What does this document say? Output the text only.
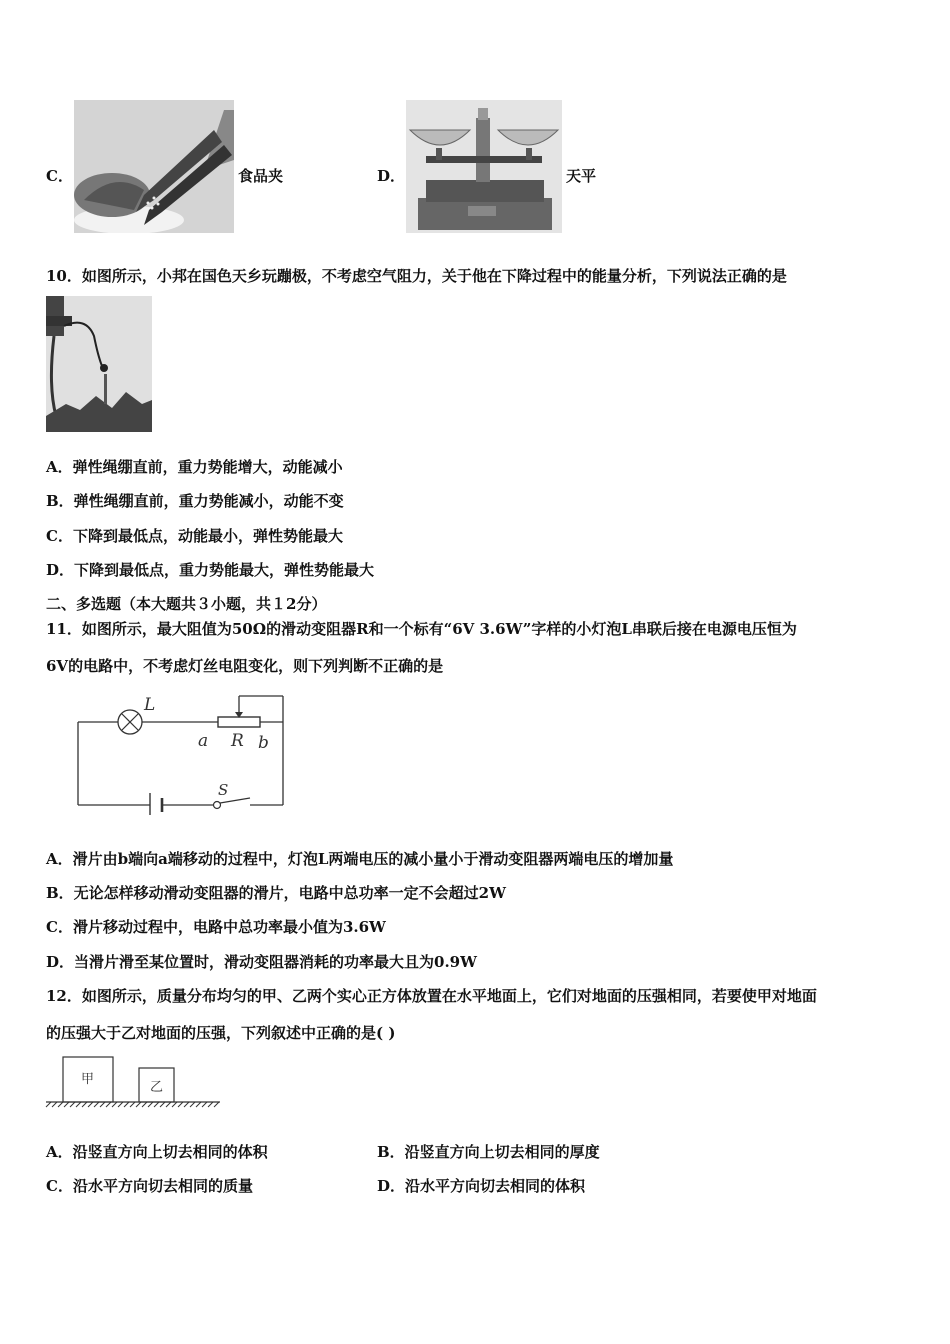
C．	食品夹	D．	天平
10．如图所示，小邦在国色天乡玩蹦极，不考虑空气阻力，关于他在下降过程中的能量分析，下列说法正确的是
A．弹性绳绷直前，重力势能增大，动能减小
B．弹性绳绷直前，重力势能减小，动能不变
C．下降到最低点，动能最小，弹性势能最大
D．下降到最低点，重力势能最大，弹性势能最大
二、多选题（本大题共３小题，共１2分）
11．如图所示，最大阻值为50Ω的滑动变阻器R和一个标有“6V 3.6W”字样的小灯泡L串联后接在电源电压恒为
6V的电路中，不考虑灯丝电阻变化，则下列判断不正确的是
L
a R b
S
A．滑片由b端向a端移动的过程中，灯泡L两端电压的减小量小于滑动变阻器两端电压的增加量
B．无论怎样移动滑动变阻器的滑片，电路中总功率一定不会超过2W
C．滑片移动过程中，电路中总功率最小值为3.6W
D．当滑片滑至某位置时，滑动变阻器消耗的功率最大且为0.9W
12．如图所示，质量分布均匀的甲、乙两个实心正方体放置在水平地面上，它们对地面的压强相同，若要使甲对地面
的压强大于乙对地面的压强，下列叙述中正确的是( )
甲
乙
A．沿竖直方向上切去相同的体积	B．沿竖直方向上切去相同的厚度
C．沿水平方向切去相同的质量	D．沿水平方向切去相同的体积
